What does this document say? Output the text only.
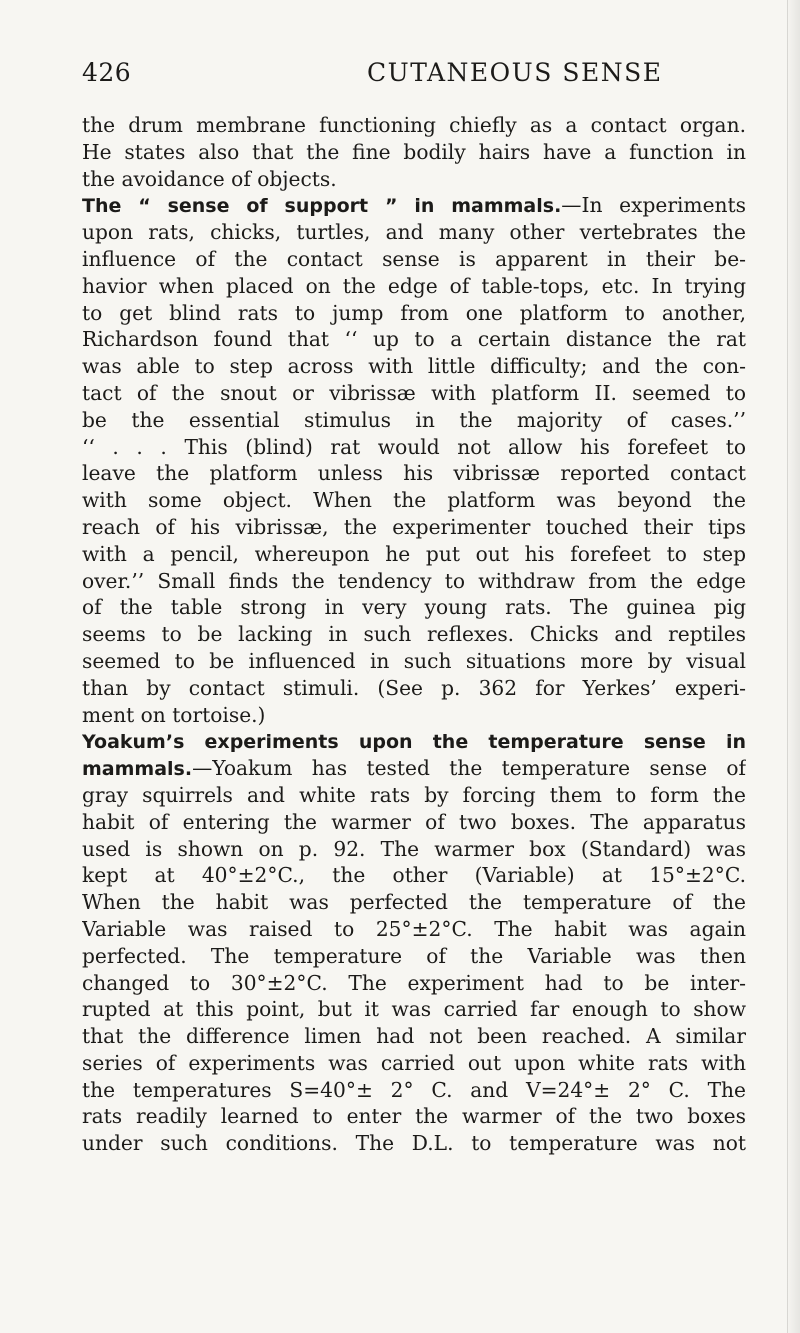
426	CUTANEOUS SENSE
the drum membrane functioning chiefly as a contact organ.
He states also that the fine bodily hairs have a function in
the avoidance of objects.
The “ sense of support ” in mammals.—In experiments
upon rats, chicks, turtles, and many other vertebrates the
influence of the contact sense is apparent in their be-
havior when placed on the edge of table-tops, etc. In trying
to get blind rats to jump from one platform to another,
Richardson found that ‘‘ up to a certain distance the rat
was able to step across with little difficulty; and the con-
tact of the snout or vibrissæ with platform II. seemed to
be the essential stimulus in the majority of cases.’’
‘‘ . . . This (blind) rat would not allow his forefeet to
leave the platform unless his vibrissæ reported contact
with some object. When the platform was beyond the
reach of his vibrissæ, the experimenter touched their tips
with a pencil, whereupon he put out his forefeet to step
over.’’ Small finds the tendency to withdraw from the edge
of the table strong in very young rats. The guinea pig
seems to be lacking in such reflexes. Chicks and reptiles
seemed to be influenced in such situations more by visual
than by contact stimuli. (See p. 362 for Yerkes’ experi-
ment on tortoise.)
Yoakum’s experiments upon the temperature sense in
mammals.—Yoakum has tested the temperature sense of
gray squirrels and white rats by forcing them to form the
habit of entering the warmer of two boxes. The apparatus
used is shown on p. 92. The warmer box (Standard) was
kept at 40°±2°C., the other (Variable) at 15°±2°C.
When the habit was perfected the temperature of the
Variable was raised to 25°±2°C. The habit was again
perfected. The temperature of the Variable was then
changed to 30°±2°C. The experiment had to be inter-
rupted at this point, but it was carried far enough to show
that the difference limen had not been reached. A similar
series of experiments was carried out upon white rats with
the temperatures S=40°± 2° C. and V=24°± 2° C. The
rats readily learned to enter the warmer of the two boxes
under such conditions. The D.L. to temperature was not
